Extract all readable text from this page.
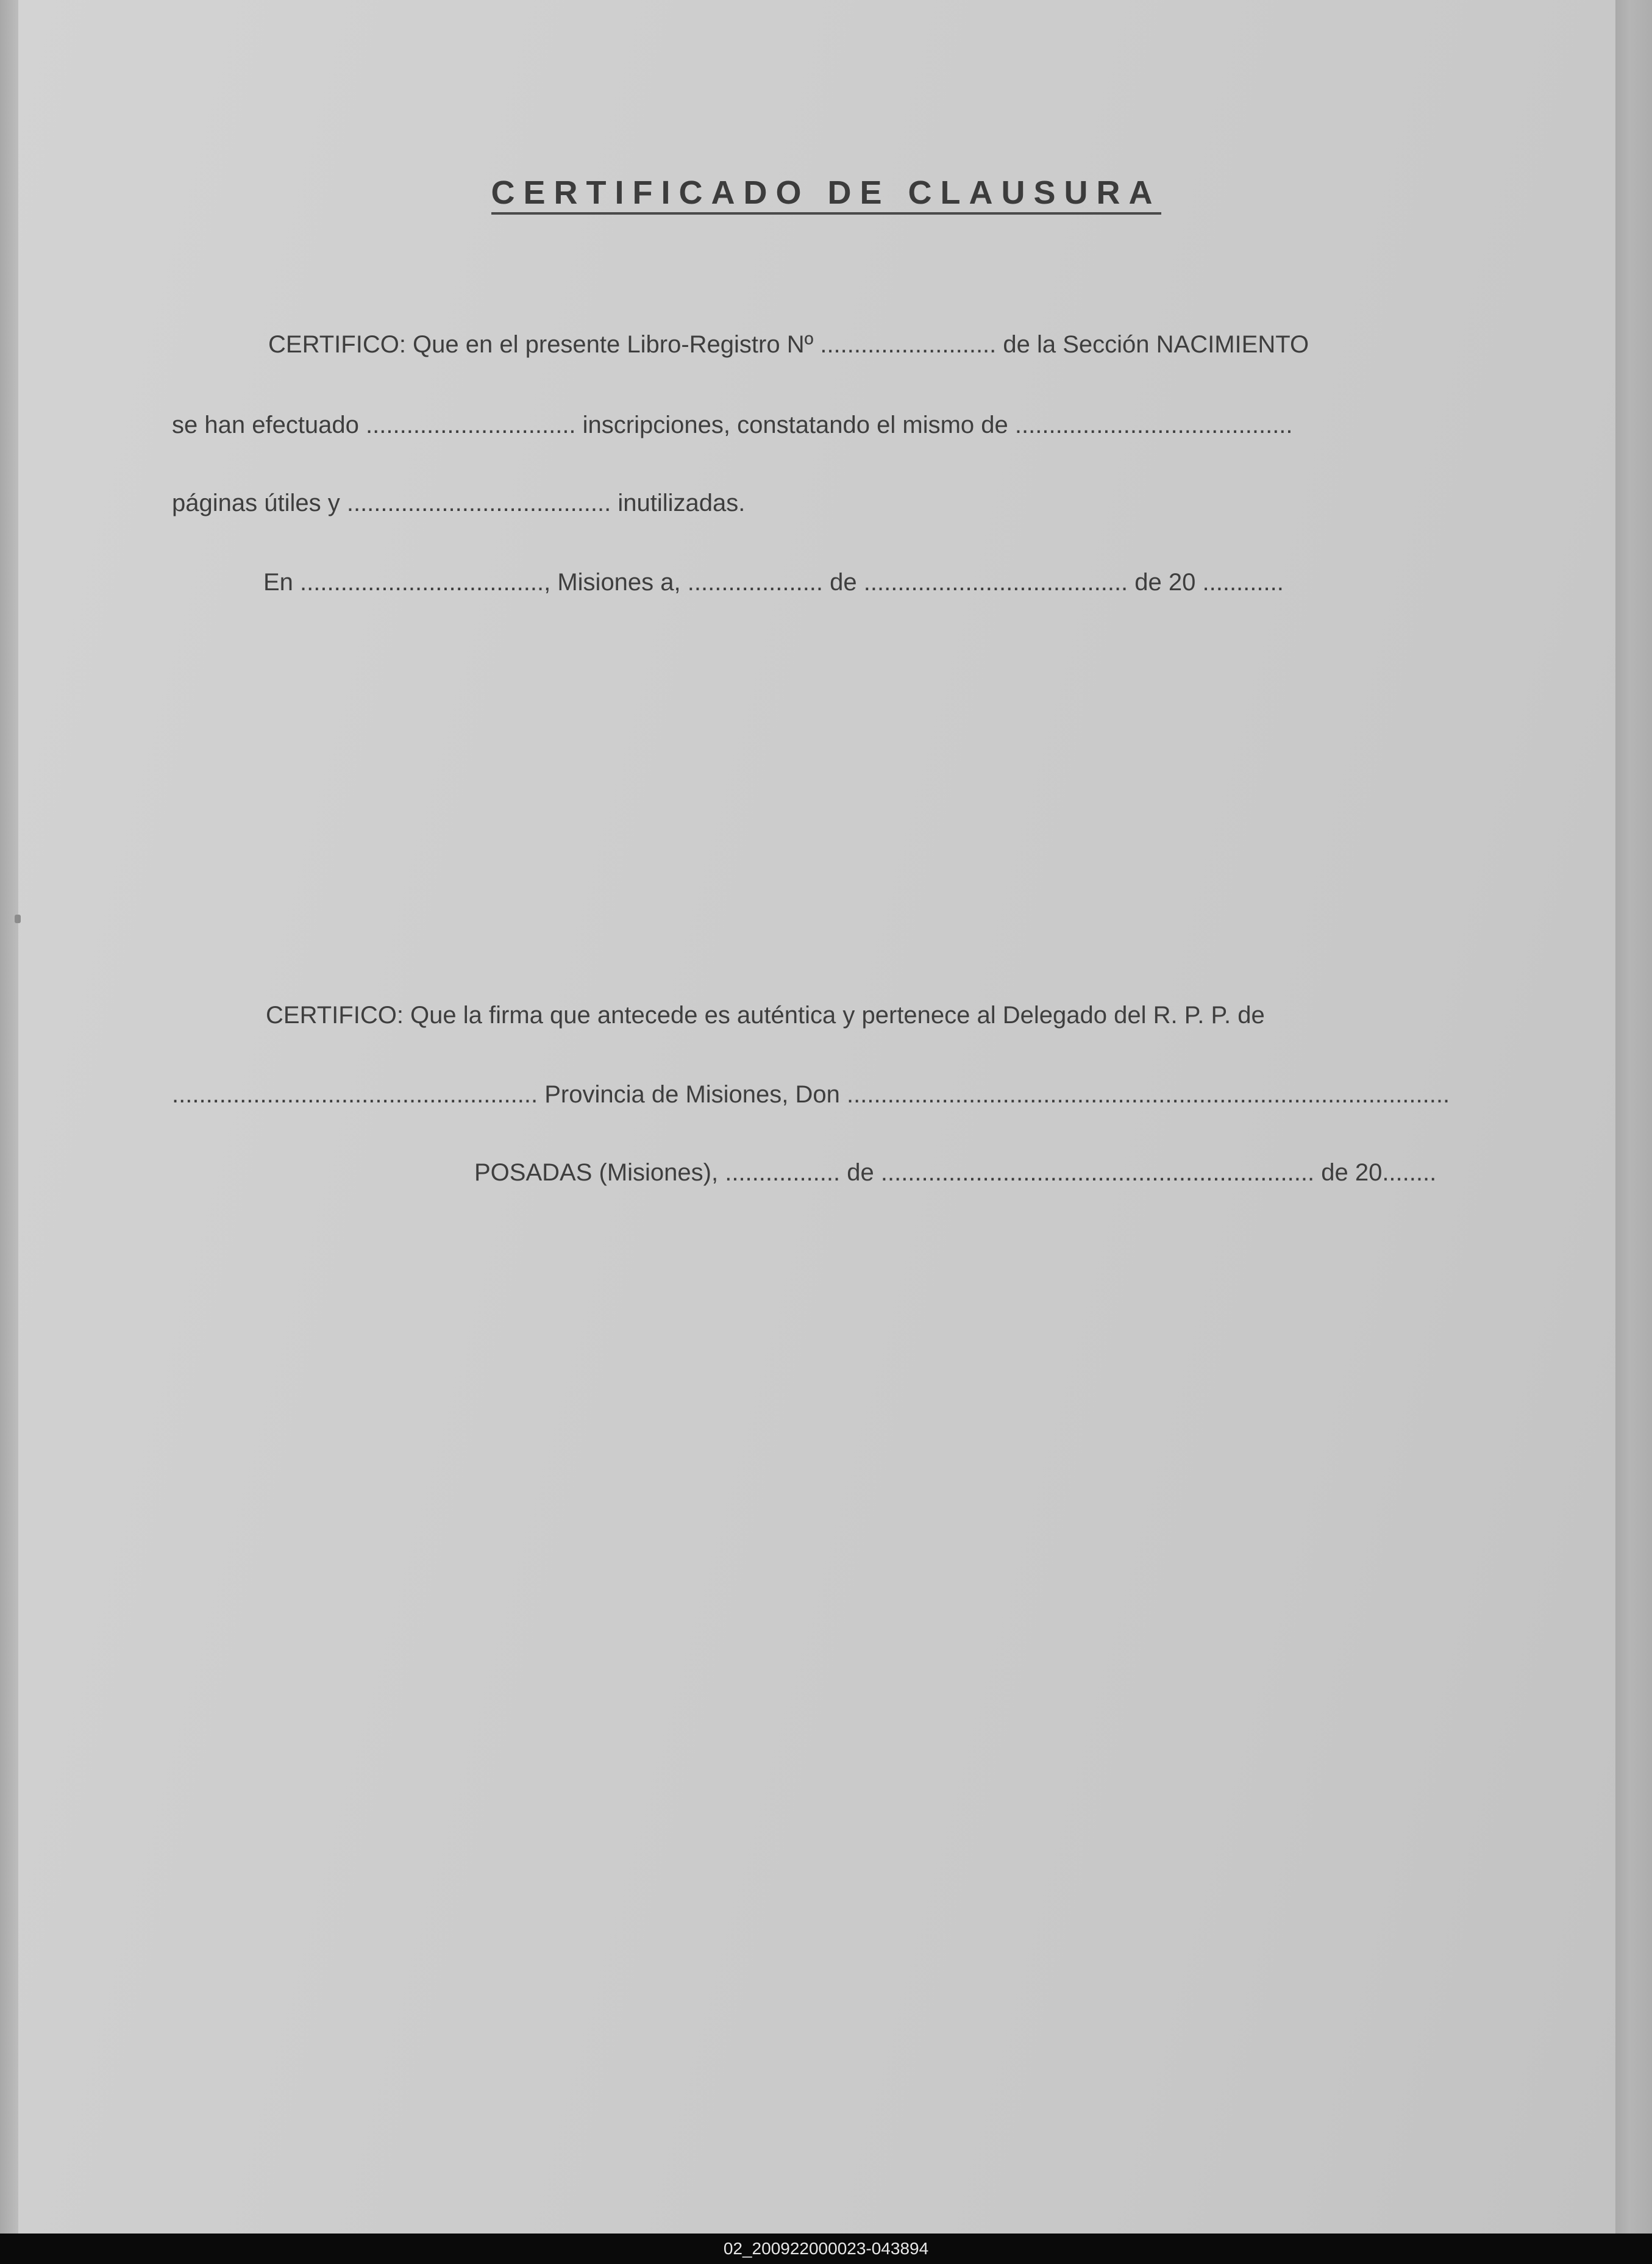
CERTIFICADO DE CLAUSURA
CERTIFICO: Que en el presente Libro-Registro Nº .......................... de la Sección NACIMIENTO
se han efectuado ............................... inscripciones, constatando el mismo de .........................................
páginas útiles y ....................................... inutilizadas.
En ...................................., Misiones a, .................... de ....................................... de 20 ............
CERTIFICO: Que la firma que antecede es auténtica y pertenece al Delegado del R. P. P. de
...................................................... Provincia de Misiones, Don .........................................................................................
POSADAS (Misiones), ................. de ................................................................ de 20........
02_200922000023-043894
